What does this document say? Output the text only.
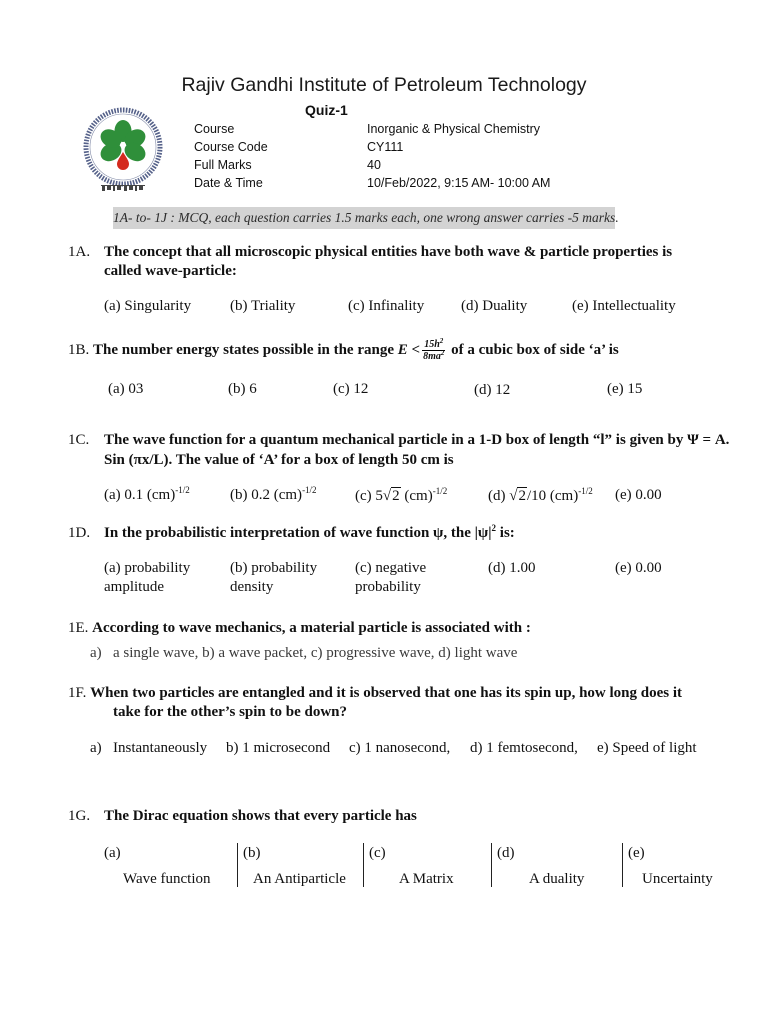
Rajiv Gandhi Institute of Petroleum Technology
Quiz-1
Course	Inorganic & Physical Chemistry
Course Code	CY111
Full Marks	40
Date & Time	10/Feb/2022, 9:15 AM- 10:00 AM
1A- to- 1J : MCQ, each question carries 1.5 marks each, one wrong answer carries -5 marks.
1A. The concept that all microscopic physical entities have both wave & particle properties is
called wave-particle:
(a) Singularity	(b) Triality	(c) Infinality (d) Duality	(e) Intellectuality
1B. The number energy states possible in the range $E < \frac{15h^2}{8ma^2}$ of a cubic box of side ‘a’ is
(a) 03	(b) 6	(c) 12	(d) 12	(e) 15
1C. The wave function for a quantum mechanical particle in a 1-D box of length “l” is given by Ψ = A.
Sin (πx/L). The value of ‘A’ for a box of length 50 cm is
(a) 0.1 (cm)$^{-1/2}$	(b) 0.2 (cm)$^{-1/2}$	(c) 5√2 (cm)$^{-1/2}$	(d) √2/10 (cm)$^{-1/2}$ (e) 0.00
1D. In the probabilistic interpretation of wave function ψ, the $|\psi|^2$ is:
(a) probability
amplitude
(b) probability
density
(c) negative
probability
(d) 1.00	(e) 0.00
1E. According to wave mechanics, a material particle is associated with :
a) a single wave, b) a wave packet, c) progressive wave, d) light wave
1F. When two particles are entangled and it is observed that one has its spin up, how long does it
take for the other’s spin to be down?
a) Instantaneously b) 1 microsecond c) 1 nanosecond, d) 1 femtosecond, e) Speed of light
1G. The Dirac equation shows that every particle has
(a)	(b)	(c)	(d)	(e)
Wave function	An Antiparticle	A Matrix	A duality	Uncertainty
